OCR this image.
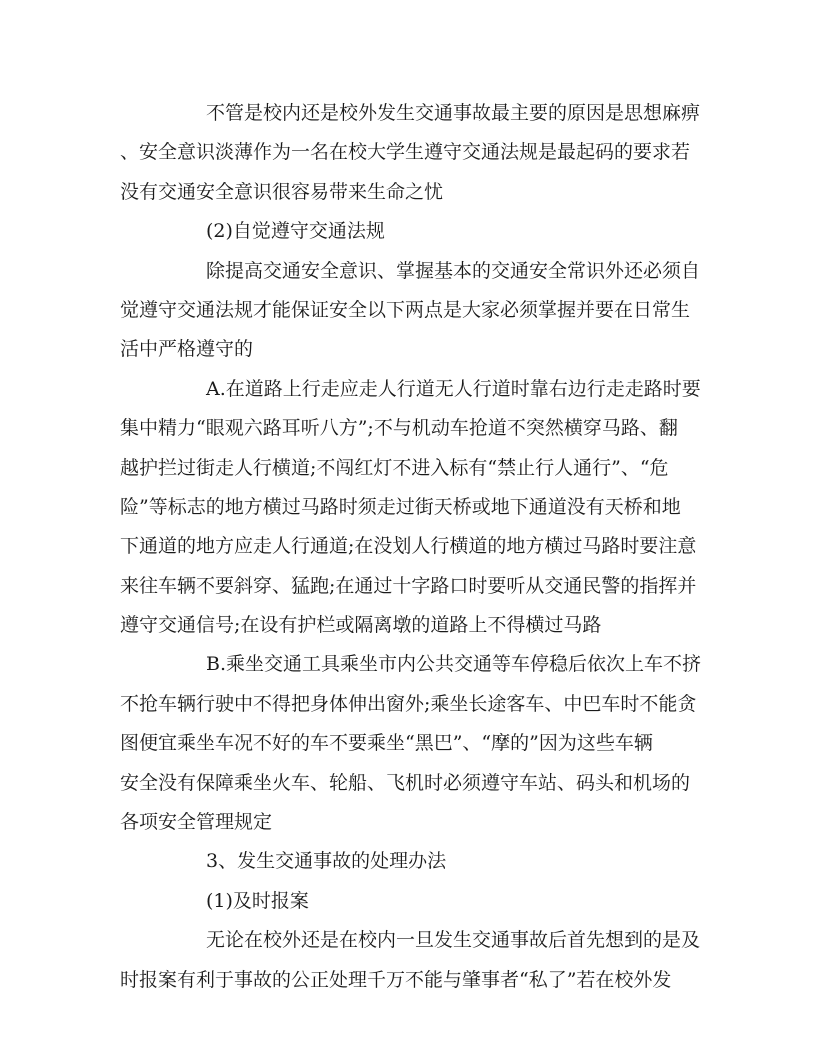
不管是校内还是校外发生交通事故最主要的原因是思想麻痹
、安全意识淡薄作为一名在校大学生遵守交通法规是最起码的要求若
没有交通安全意识很容易带来生命之忧
(2)自觉遵守交通法规
除提高交通安全意识、掌握基本的交通安全常识外还必须自
觉遵守交通法规才能保证安全以下两点是大家必须掌握并要在日常生
活中严格遵守的
A.在道路上行走应走人行道无人行道时靠右边行走走路时要
集中精力“眼观六路耳听八方”;不与机动车抢道不突然横穿马路、翻
越护拦过街走人行横道;不闯红灯不进入标有“禁止行人通行”、“危
险”等标志的地方横过马路时须走过街天桥或地下通道没有天桥和地
下通道的地方应走人行通道;在没划人行横道的地方横过马路时要注意
来往车辆不要斜穿、猛跑;在通过十字路口时要听从交通民警的指挥并
遵守交通信号;在设有护栏或隔离墩的道路上不得横过马路
B.乘坐交通工具乘坐市内公共交通等车停稳后依次上车不挤
不抢车辆行驶中不得把身体伸出窗外;乘坐长途客车、中巴车时不能贪
图便宜乘坐车况不好的车不要乘坐“黑巴”、“摩的”因为这些车辆
安全没有保障乘坐火车、轮船、飞机时必须遵守车站、码头和机场的
各项安全管理规定
3、发生交通事故的处理办法
(1)及时报案
无论在校外还是在校内一旦发生交通事故后首先想到的是及
时报案有利于事故的公正处理千万不能与肇事者“私了”若在校外发
